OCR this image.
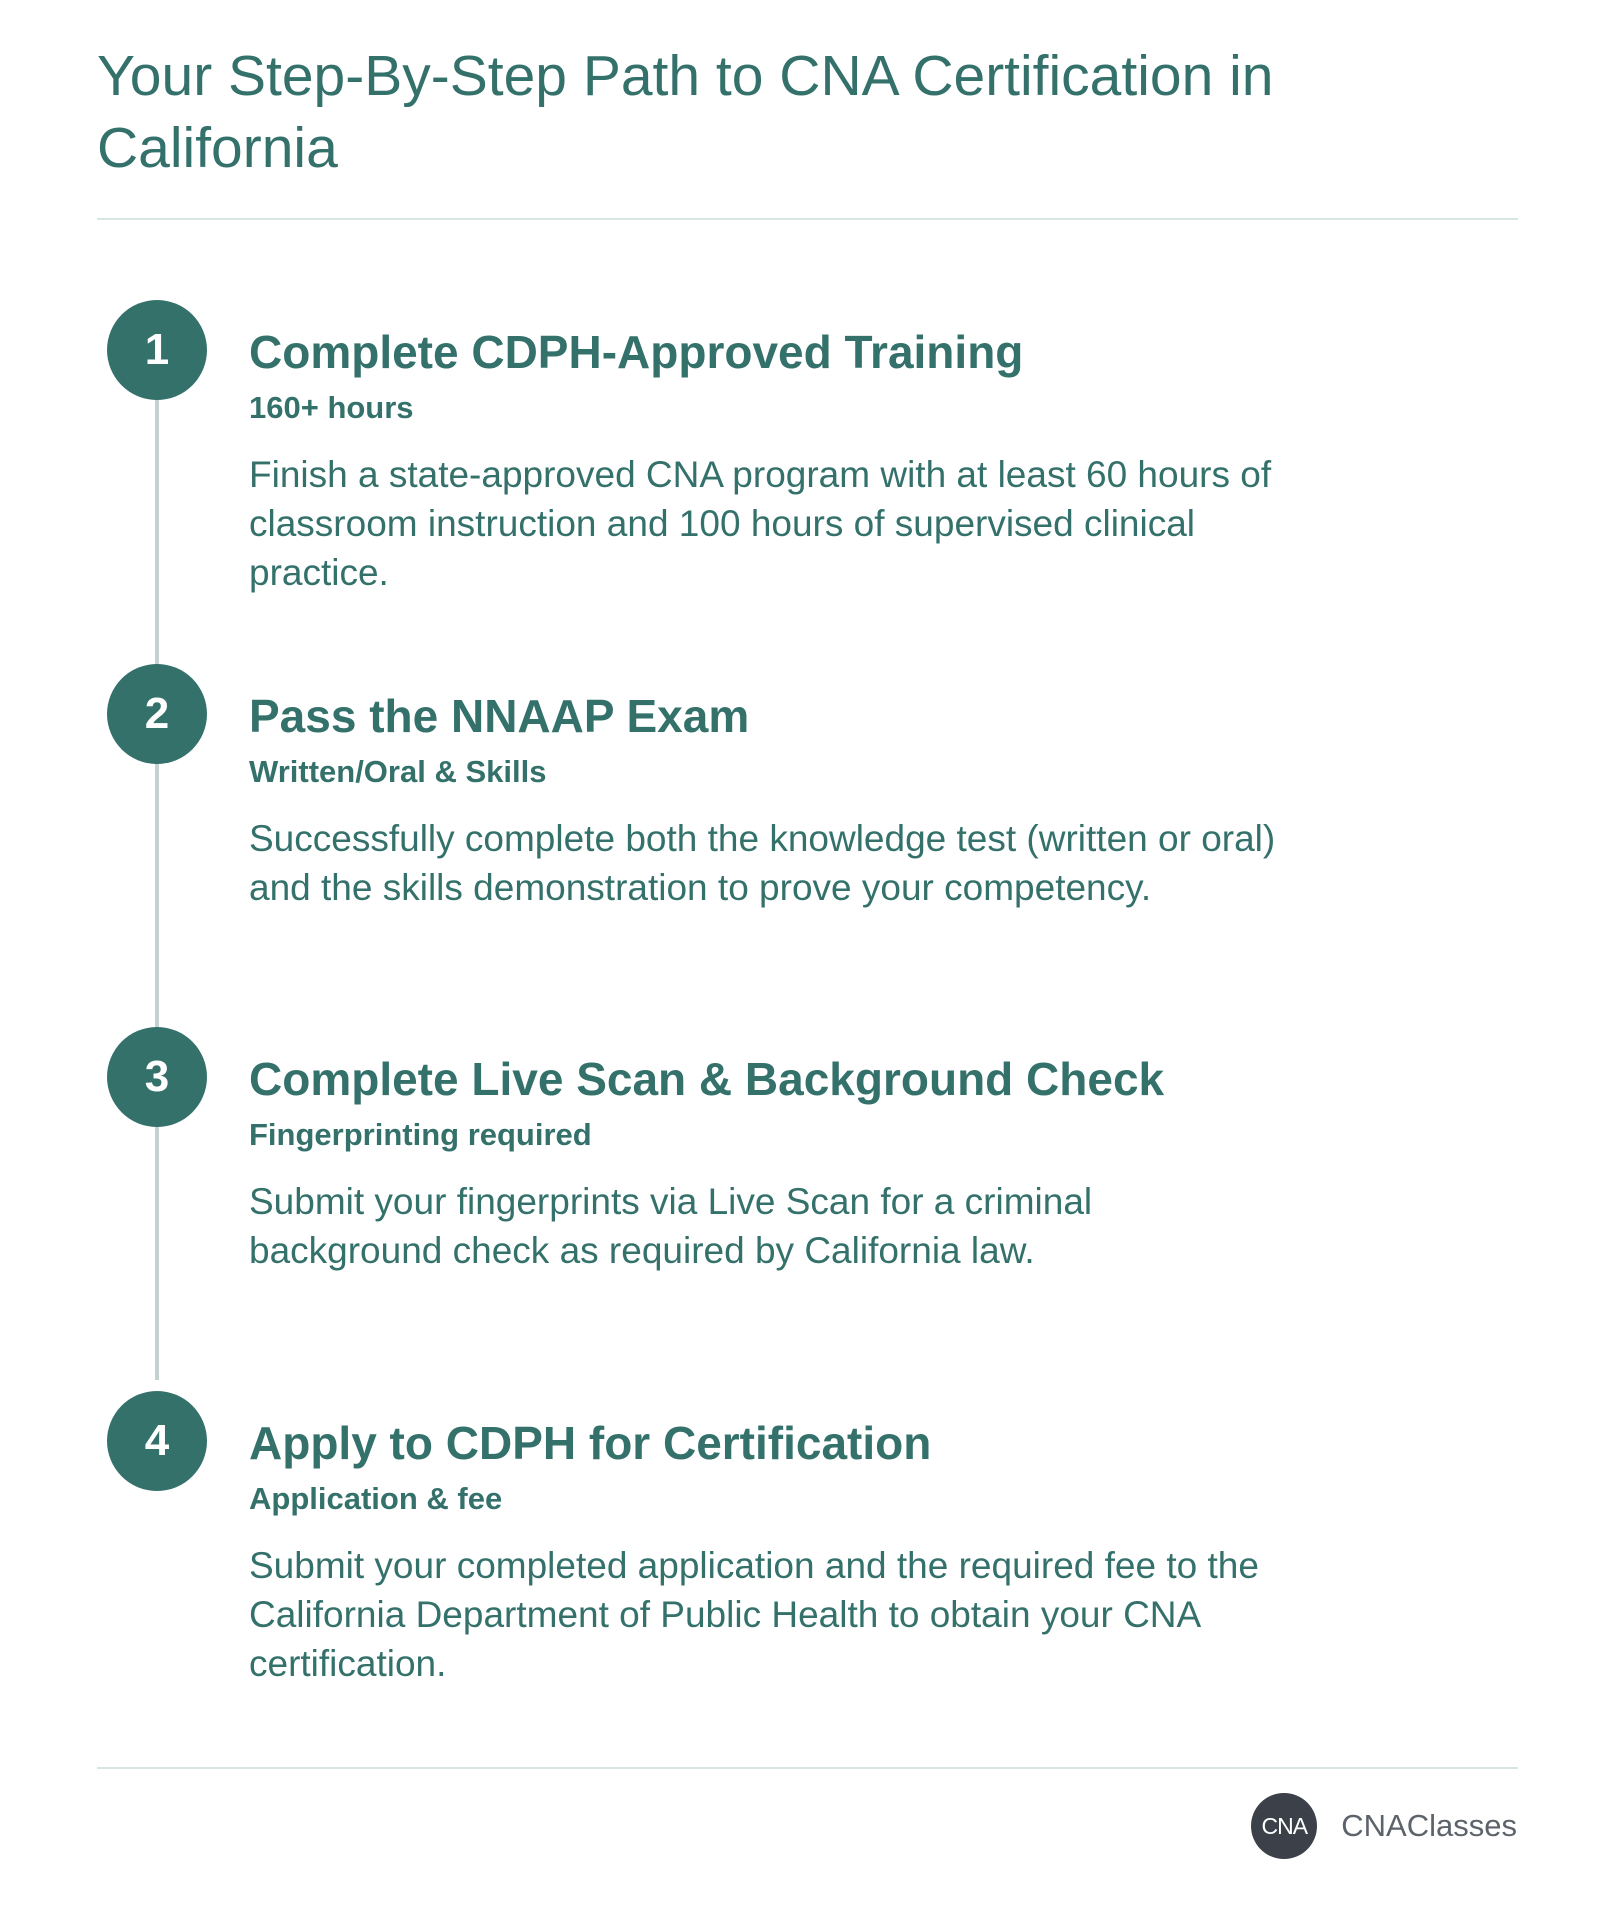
Your Step-By-Step Path to CNA Certification in California
1	Complete CDPH-Approved Training
160+ hours

Finish a state-approved CNA program with at least 60 hours of classroom instruction and 100 hours of supervised clinical practice.

2	Pass the NNAAP Exam
Written/Oral & Skills

Successfully complete both the knowledge test (written or oral) and the skills demonstration to prove your competency.

3	Complete Live Scan & Background Check
Fingerprinting required

Submit your fingerprints via Live Scan for a criminal background check as required by California law.

4	Apply to CDPH for Certification
Application & fee

Submit your completed application and the required fee to the California Department of Public Health to obtain your CNA certification.

CNA	CNAClasses
